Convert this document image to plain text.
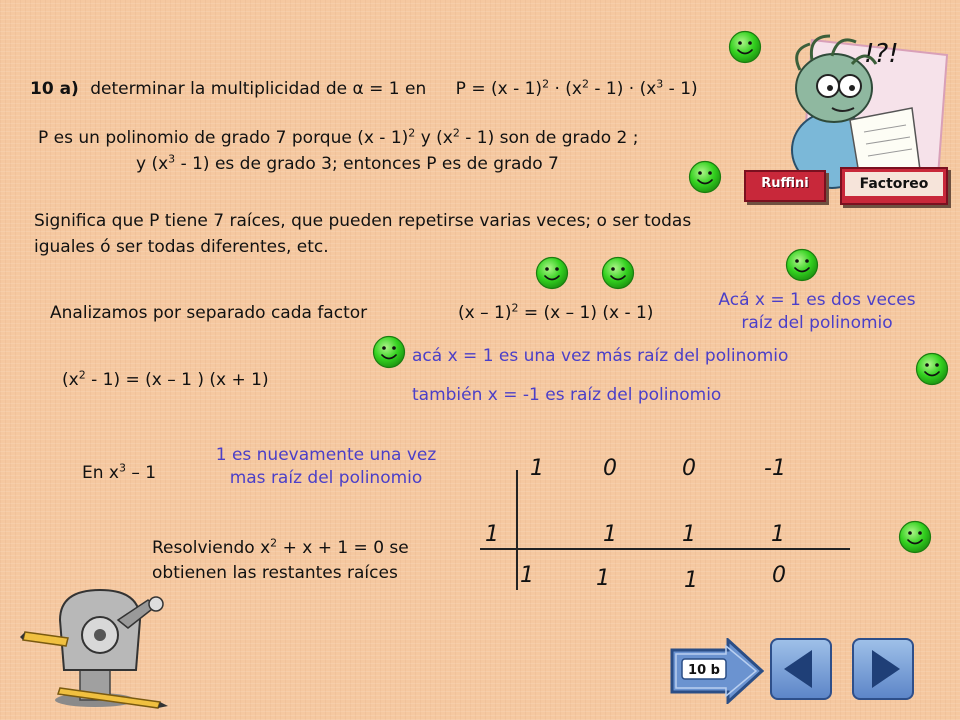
10 a) determinar la multiplicidad de α = 1 en $P = (x - 1)^2 \cdot (x^2 - 1) \cdot (x^3 - 1)$
P es un polinomio de grado 7 porque (x - 1)$^2$ y $(x^2 - 1)$ son de grado 2 ;
y $(x^3 - 1)$ es de grado 3; entonces P es de grado 7
Significa que P tiene 7 raíces, que pueden repetirse varias veces; o ser todas
iguales ó ser todas diferentes, etc.
Analizamos por separado cada factor	(x – 1)$^2$ = (x – 1) (x - 1)
Acá x = 1 es dos veces
raíz del polinomio
acá x = 1 es una vez más raíz del polinomio
$(x^2 - 1) = (x - 1$ ) (x + 1)
también x = -1 es raíz del polinomio
En $x^3 - 1$
1 es nuevamente una vez
mas raíz del polinomio
Resolviendo $x^2 + x + 1 = 0$ se
obtienen las restantes raíces
1	0	0	-1
1	1	1	1
1	1	1	0
!?!
Ruffini	Factoreo
10 b
